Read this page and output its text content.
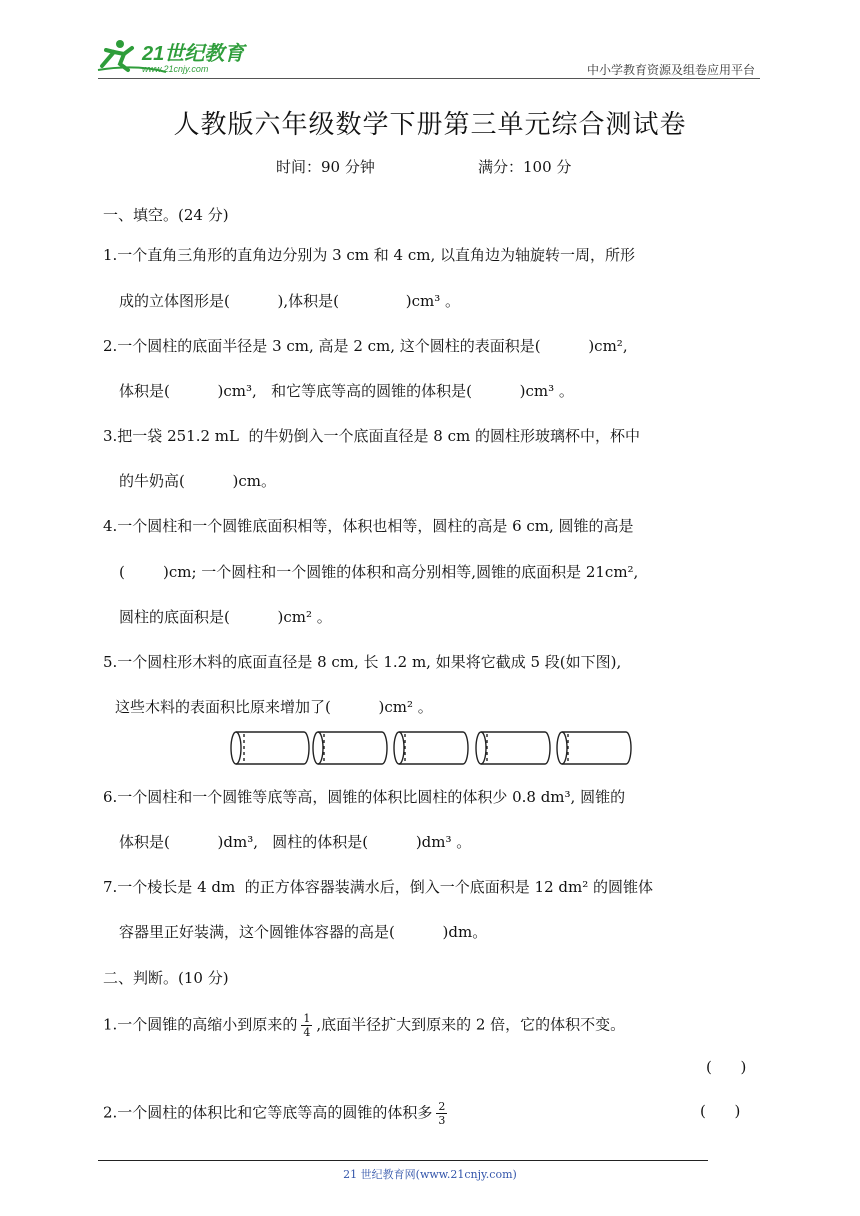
21世纪教育
www.21cnjy.com	中小学教育资源及组卷应用平台
人教版六年级数学下册第三单元综合测试卷
时间：90 分钟	满分：100 分
一、填空。(24 分)
1.一个直角三角形的直角边分别为 3 cm 和 4 cm, 以直角边为轴旋转一周，所形
成的立体图形是(          ),体积是(              )cm³ 。
2.一个圆柱的底面半径是 3 cm, 高是 2 cm, 这个圆柱的表面积是(          )cm²,
体积是(          )cm³,   和它等底等高的圆锥的体积是(          )cm³ 。
3.把一袋 251.2 mL  的牛奶倒入一个底面直径是 8 cm 的圆柱形玻璃杯中，杯中
的牛奶高(          )cm。
4.一个圆柱和一个圆锥底面积相等，体积也相等，圆柱的高是 6 cm, 圆锥的高是
(        )cm; 一个圆柱和一个圆锥的体积和高分别相等,圆锥的底面积是 21cm²,
圆柱的底面积是(          )cm² 。
5.一个圆柱形木料的底面直径是 8 cm, 长 1.2 m, 如果将它截成 5 段(如下图),
这些木料的表面积比原来增加了(          )cm² 。
6.一个圆柱和一个圆锥等底等高，圆锥的体积比圆柱的体积少 0.8 dm³, 圆锥的
体积是(          )dm³,   圆柱的体积是(          )dm³ 。
7.一个棱长是 4 dm  的正方体容器装满水后，倒入一个底面积是 12 dm² 的圆锥体
容器里正好装满，这个圆锥体容器的高是(          )dm。
二、判断。(10 分)
1.一个圆锥的高缩小到原来的 $\frac{1}{4}$ ,底面半径扩大到原来的 2 倍，它的体积不变。
(      )
2.一个圆柱的体积比和它等底等高的圆锥的体积多 $\frac{2}{3}$	(      )
21 世纪教育网(www.21cnjy.com)
